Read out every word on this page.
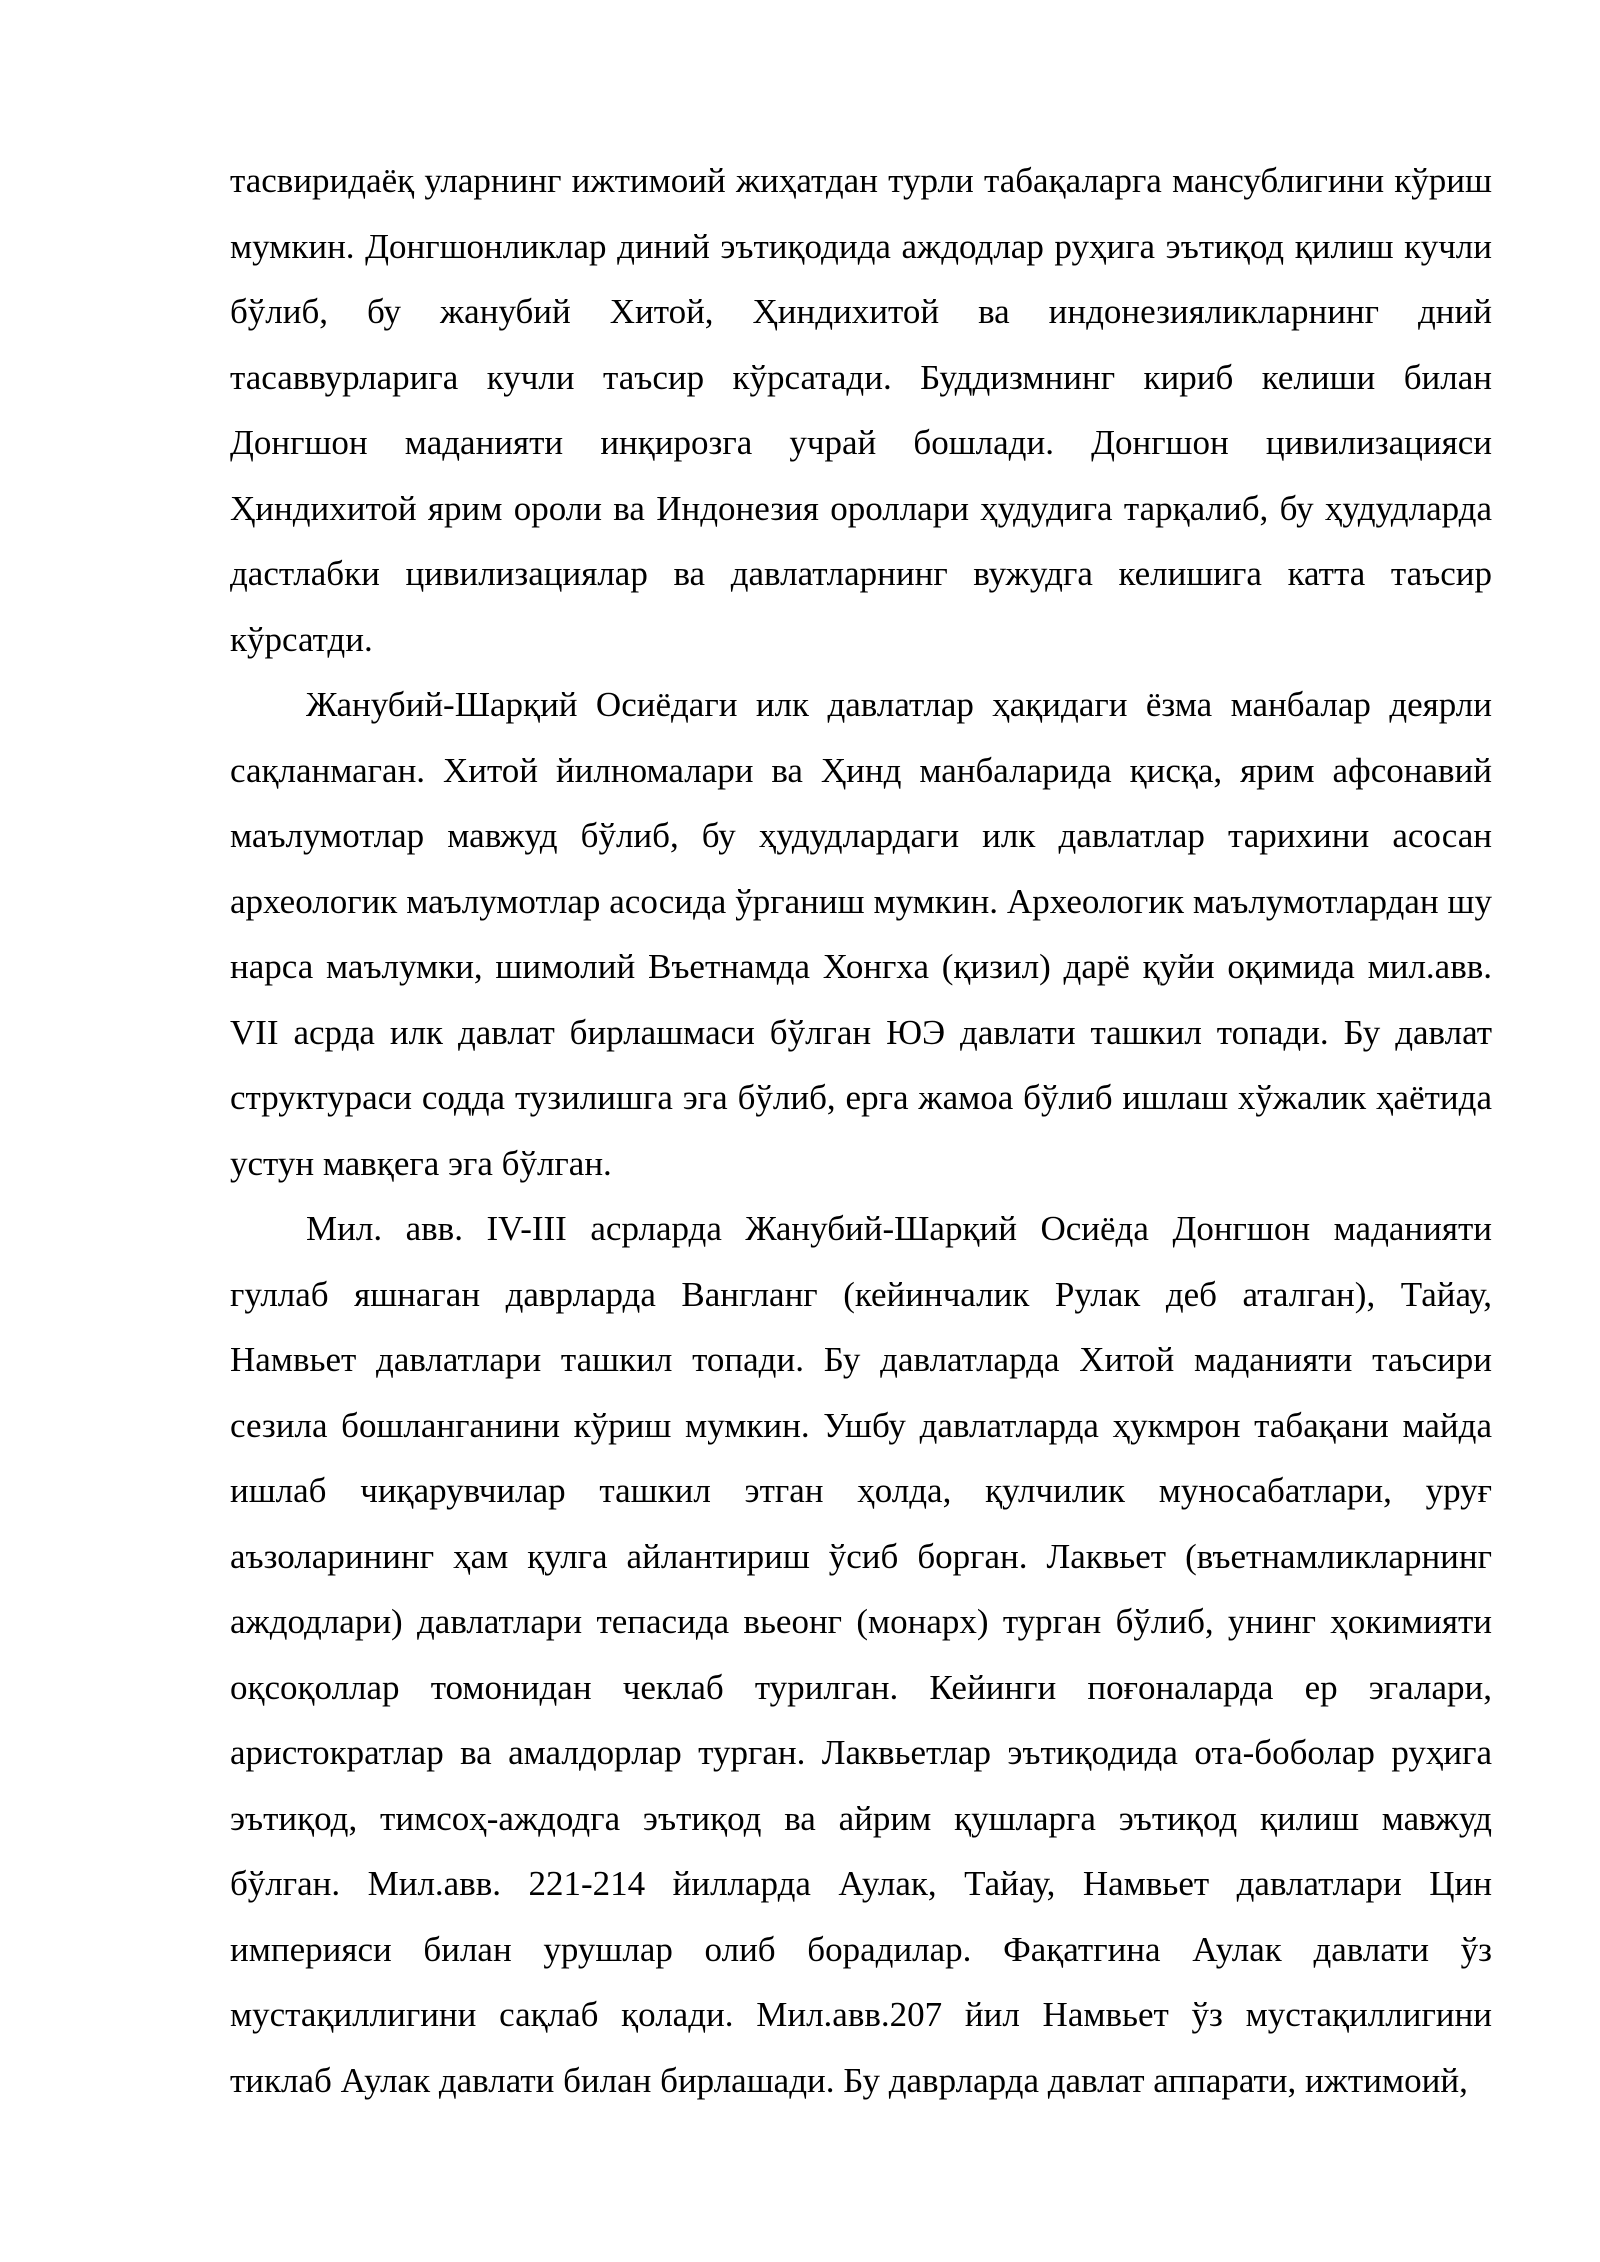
тасвиридаёқ уларнинг ижтимоий жиҳатдан турли табақаларга мансублигини кўриш мумкин. Донгшонликлар диний эътиқодида аждодлар руҳига эътиқод қилиш кучли бўлиб, бу жанубий Хитой, Ҳиндихитой ва индонезияликларнинг дний тасаввурларига кучли таъсир кўрсатади. Буддизмнинг кириб келиши билан Донгшон маданияти инқирозга учрай бошлади. Донгшон цивилизацияси Ҳиндихитой ярим ороли ва Индонезия ороллари ҳудудига тарқалиб, бу ҳудудларда дастлабки цивилизациялар ва давлатларнинг вужудга келишига катта таъсир кўрсатди.

Жанубий-Шарқий Осиёдаги илк давлатлар ҳақидаги ёзма манбалар деярли сақланмаган. Хитой йилномалари ва Ҳинд манбаларида қисқа, ярим афсонавий маълумотлар мавжуд бўлиб, бу ҳудудлардаги илк давлатлар тарихини асосан археологик маълумотлар асосида ўрганиш мумкин. Археологик маълумотлардан шу нарса маълумки, шимолий Въетнамда Хонгха (қизил) дарё қуйи оқимида мил.авв. VII асрда илк давлат бирлашмаси бўлган ЮЭ давлати ташкил топади. Бу давлат структураси содда тузилишга эга бўлиб, ерга жамоа бўлиб ишлаш хўжалик ҳаётида устун мавқега эга бўлган.

Мил. авв. IV-III асрларда Жанубий-Шарқий Осиёда Донгшон маданияти гуллаб яшнаган даврларда Вангланг (кейинчалик Рулак деб аталган), Тайау, Намвьет давлатлари ташкил топади. Бу давлатларда Хитой маданияти таъсири сезила бошланганини кўриш мумкин. Ушбу давлатларда ҳукмрон табақани майда ишлаб чиқарувчилар ташкил этган ҳолда, қулчилик муносабатлари, уруғ аъзоларининг ҳам қулга айлантириш ўсиб борган. Лаквьет (въетнамликларнинг аждодлари) давлатлари тепасида вьеонг (монарх) турган бўлиб, унинг ҳокимияти оқсоқоллар томонидан чеклаб турилган. Кейинги поғоналарда ер эгалари, аристократлар ва амалдорлар турган. Лаквьетлар эътиқодида ота-боболар руҳига эътиқод, тимсоҳ-аждодга эътиқод ва айрим қушларга эътиқод қилиш мавжуд бўлган. Мил.авв. 221-214 йилларда Аулак, Тайау, Намвьет давлатлари Цин империяси билан урушлар олиб борадилар. Фақатгина Аулак давлати ўз мустақиллигини сақлаб қолади. Мил.авв.207 йил Намвьет ўз мустақиллигини тиклаб Аулак давлати билан бирлашади. Бу даврларда давлат аппарати, ижтимоий,
